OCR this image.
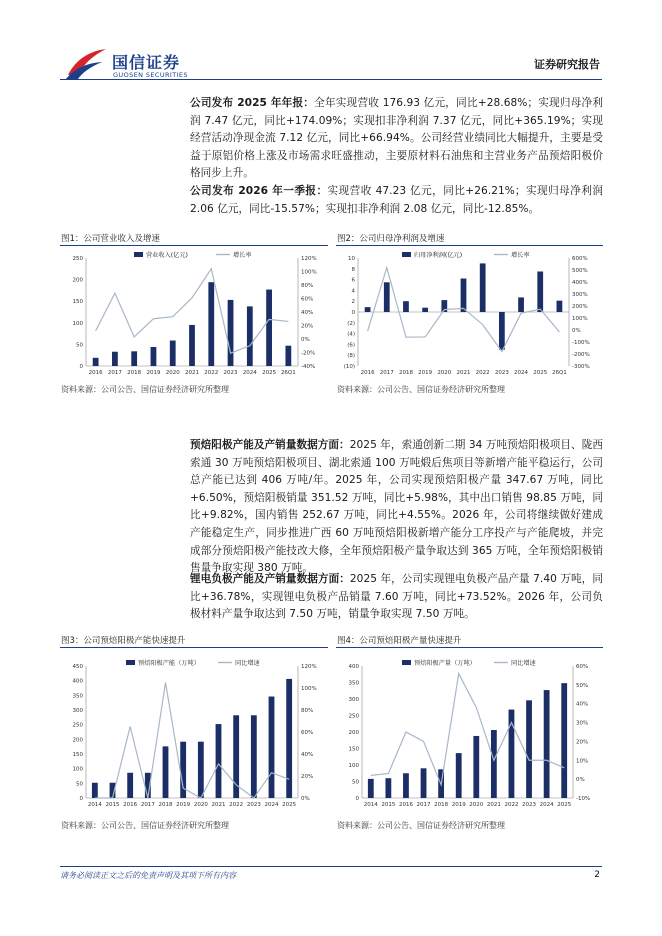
国信证券
GUOSEN SECURITIES
证券研究报告

公司发布 2025 年年报：全年实现营收 176.93 亿元，同比+28.68%；实现归母净利润 7.47 亿元，同比+174.09%；实现扣非净利润 7.37 亿元，同比+365.19%；实现经营活动净现金流 7.12 亿元，同比+66.94%。公司经营业绩同比大幅提升，主要是受益于原铝价格上涨及市场需求旺盛推动，主要原材料石油焦和主营业务产品预焙阳极价格同步上升。

公司发布 2026 年一季报：实现营收 47.23 亿元，同比+26.21%；实现归母净利润 2.06 亿元，同比-15.57%；实现扣非净利润 2.08 亿元，同比-12.85%。

图1：公司营业收入及增速	图2：公司归母净利润及增速
0
50
100
150
200
250
-40%
-20%
0%
20%
40%
60%
80%
100%
120%
2016 2017 2018 2019 2020 2021 2022 2023 2024 2025 26Q1
营业收入(亿元)	增长率
(10)
(8)
(6)
(4)
(2)
0
2
4
6
8
10
-300%
-200%
-100%
0%
100%
200%
300%
400%
500%
600%
2016 2017 2018 2019 2020 2021 2022 2023 2024 2025 26Q1
归母净利润(亿元)	增长率
资料来源：公司公告、国信证券经济研究所整理	资料来源：公司公告、国信证券经济研究所整理

预焙阳极产能及产销量数据方面：2025 年，索通创新二期 34 万吨预焙阳极项目、陇西索通 30 万吨预焙阳极项目、湖北索通 100 万吨煅后焦项目等新增产能平稳运行，公司总产能已达到 406 万吨/年。2025 年，公司实现预焙阳极产量 347.67 万吨，同比+6.50%，预焙阳极销量 351.52 万吨，同比+5.98%，其中出口销售 98.85 万吨，同比+9.82%，国内销售 252.67 万吨，同比+4.55%。2026 年，公司将继续做好建成产能稳定生产，同步推进广西 60 万吨预焙阳极新增产能分工序投产与产能爬坡，并完成部分预焙阳极产能技改大修，全年预焙阳极产量争取达到 365 万吨，全年预焙阳极销售量争取实现 380 万吨。

锂电负极产能及产销量数据方面：2025 年，公司实现锂电负极产品产量 7.40 万吨，同比+36.78%，实现锂电负极产品销量 7.60 万吨，同比+73.52%。2026 年，公司负极材料产量争取达到 7.50 万吨，销量争取实现 7.50 万吨。

图3：公司预焙阳极产能快速提升	图4：公司预焙阳极产量快速提升
0
50
100
150
200
250
300
350
400
450
0%
20%
40%
60%
80%
100%
120%
2014 2015 2016 2017 2018 2019 2020 2021 2022 2023 2024 2025
预焙阳极产能（万吨）	同比增速
0
50
100
150
200
250
300
350
400
-10%
0%
10%
20%
30%
40%
50%
60%
2014 2015 2016 2017 2018 2019 2020 2021 2022 2023 2024 2025
预焙阳极产量（万吨）	同比增速
资料来源：公司公告、国信证券经济研究所整理	资料来源：公司公告、国信证券经济研究所整理
请务必阅读正文之后的免责声明及其项下所有内容	2
